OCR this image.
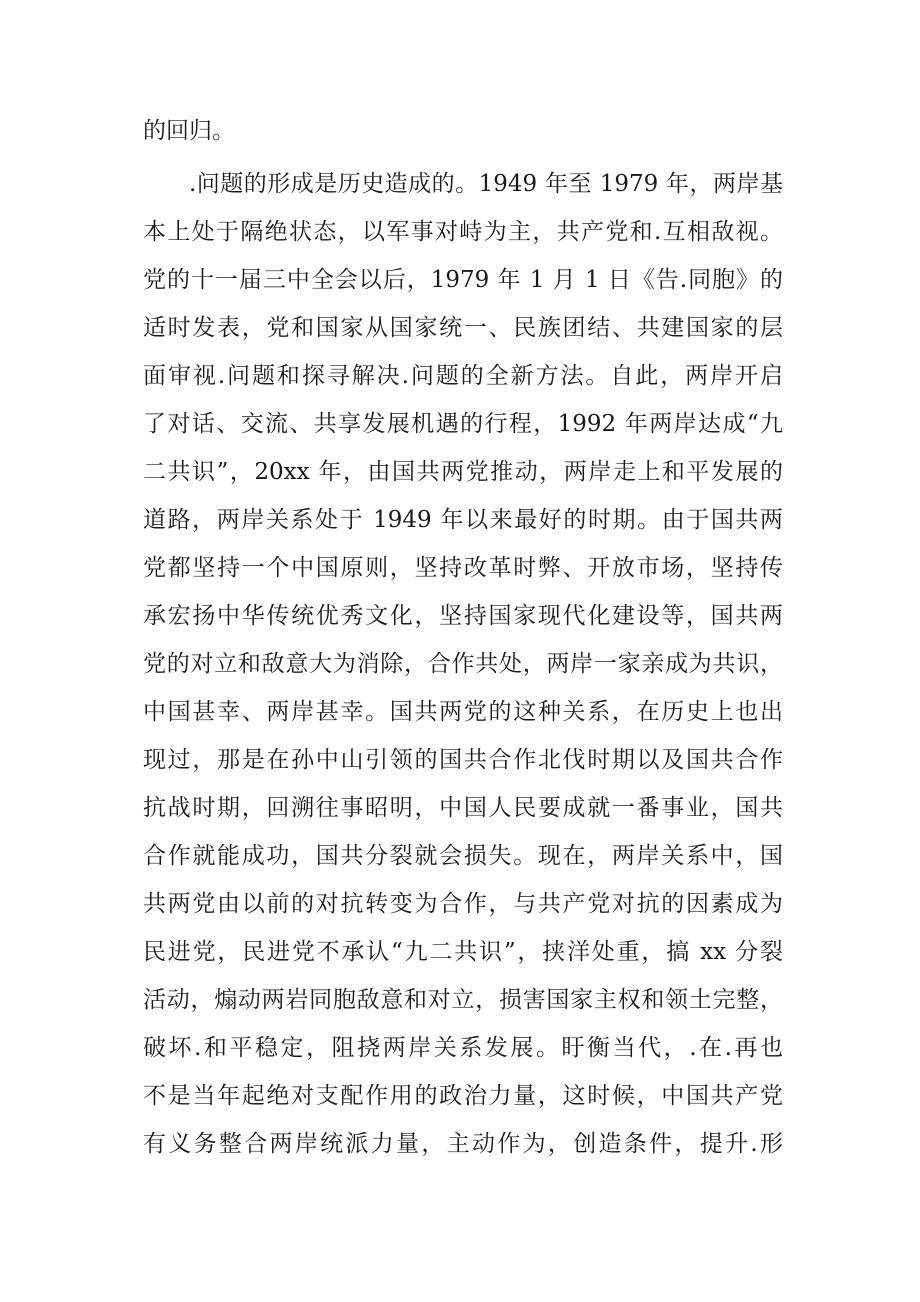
的回归。
.问题的形成是历史造成的。1949 年至 1979 年，两岸基
本上处于隔绝状态，以军事对峙为主，共产党和.互相敌视。
党的十一届三中全会以后，1979 年 1 月 1 日《告.同胞》的
适时发表，党和国家从国家统一、民族团结、共建国家的层
面审视.问题和探寻解决.问题的全新方法。自此，两岸开启
了对话、交流、共享发展机遇的行程，1992 年两岸达成“九
二共识”，20xx 年，由国共两党推动，两岸走上和平发展的
道路，两岸关系处于 1949 年以来最好的时期。由于国共两
党都坚持一个中国原则，坚持改革时弊、开放市场，坚持传
承宏扬中华传统优秀文化，坚持国家现代化建设等，国共两
党的对立和敌意大为消除，合作共处，两岸一家亲成为共识，
中国甚幸、两岸甚幸。国共两党的这种关系，在历史上也出
现过，那是在孙中山引领的国共合作北伐时期以及国共合作
抗战时期，回溯往事昭明，中国人民要成就一番事业，国共
合作就能成功，国共分裂就会损失。现在，两岸关系中，国
共两党由以前的对抗转变为合作，与共产党对抗的因素成为
民进党，民进党不承认“九二共识”，挟洋处重，搞 xx 分裂
活动，煽动两岩同胞敌意和对立，损害国家主权和领土完整，
破坏.和平稳定，阻挠两岸关系发展。盱衡当代，.在.再也
不是当年起绝对支配作用的政治力量，这时候，中国共产党
有义务整合两岸统派力量，主动作为，创造条件，提升.形
